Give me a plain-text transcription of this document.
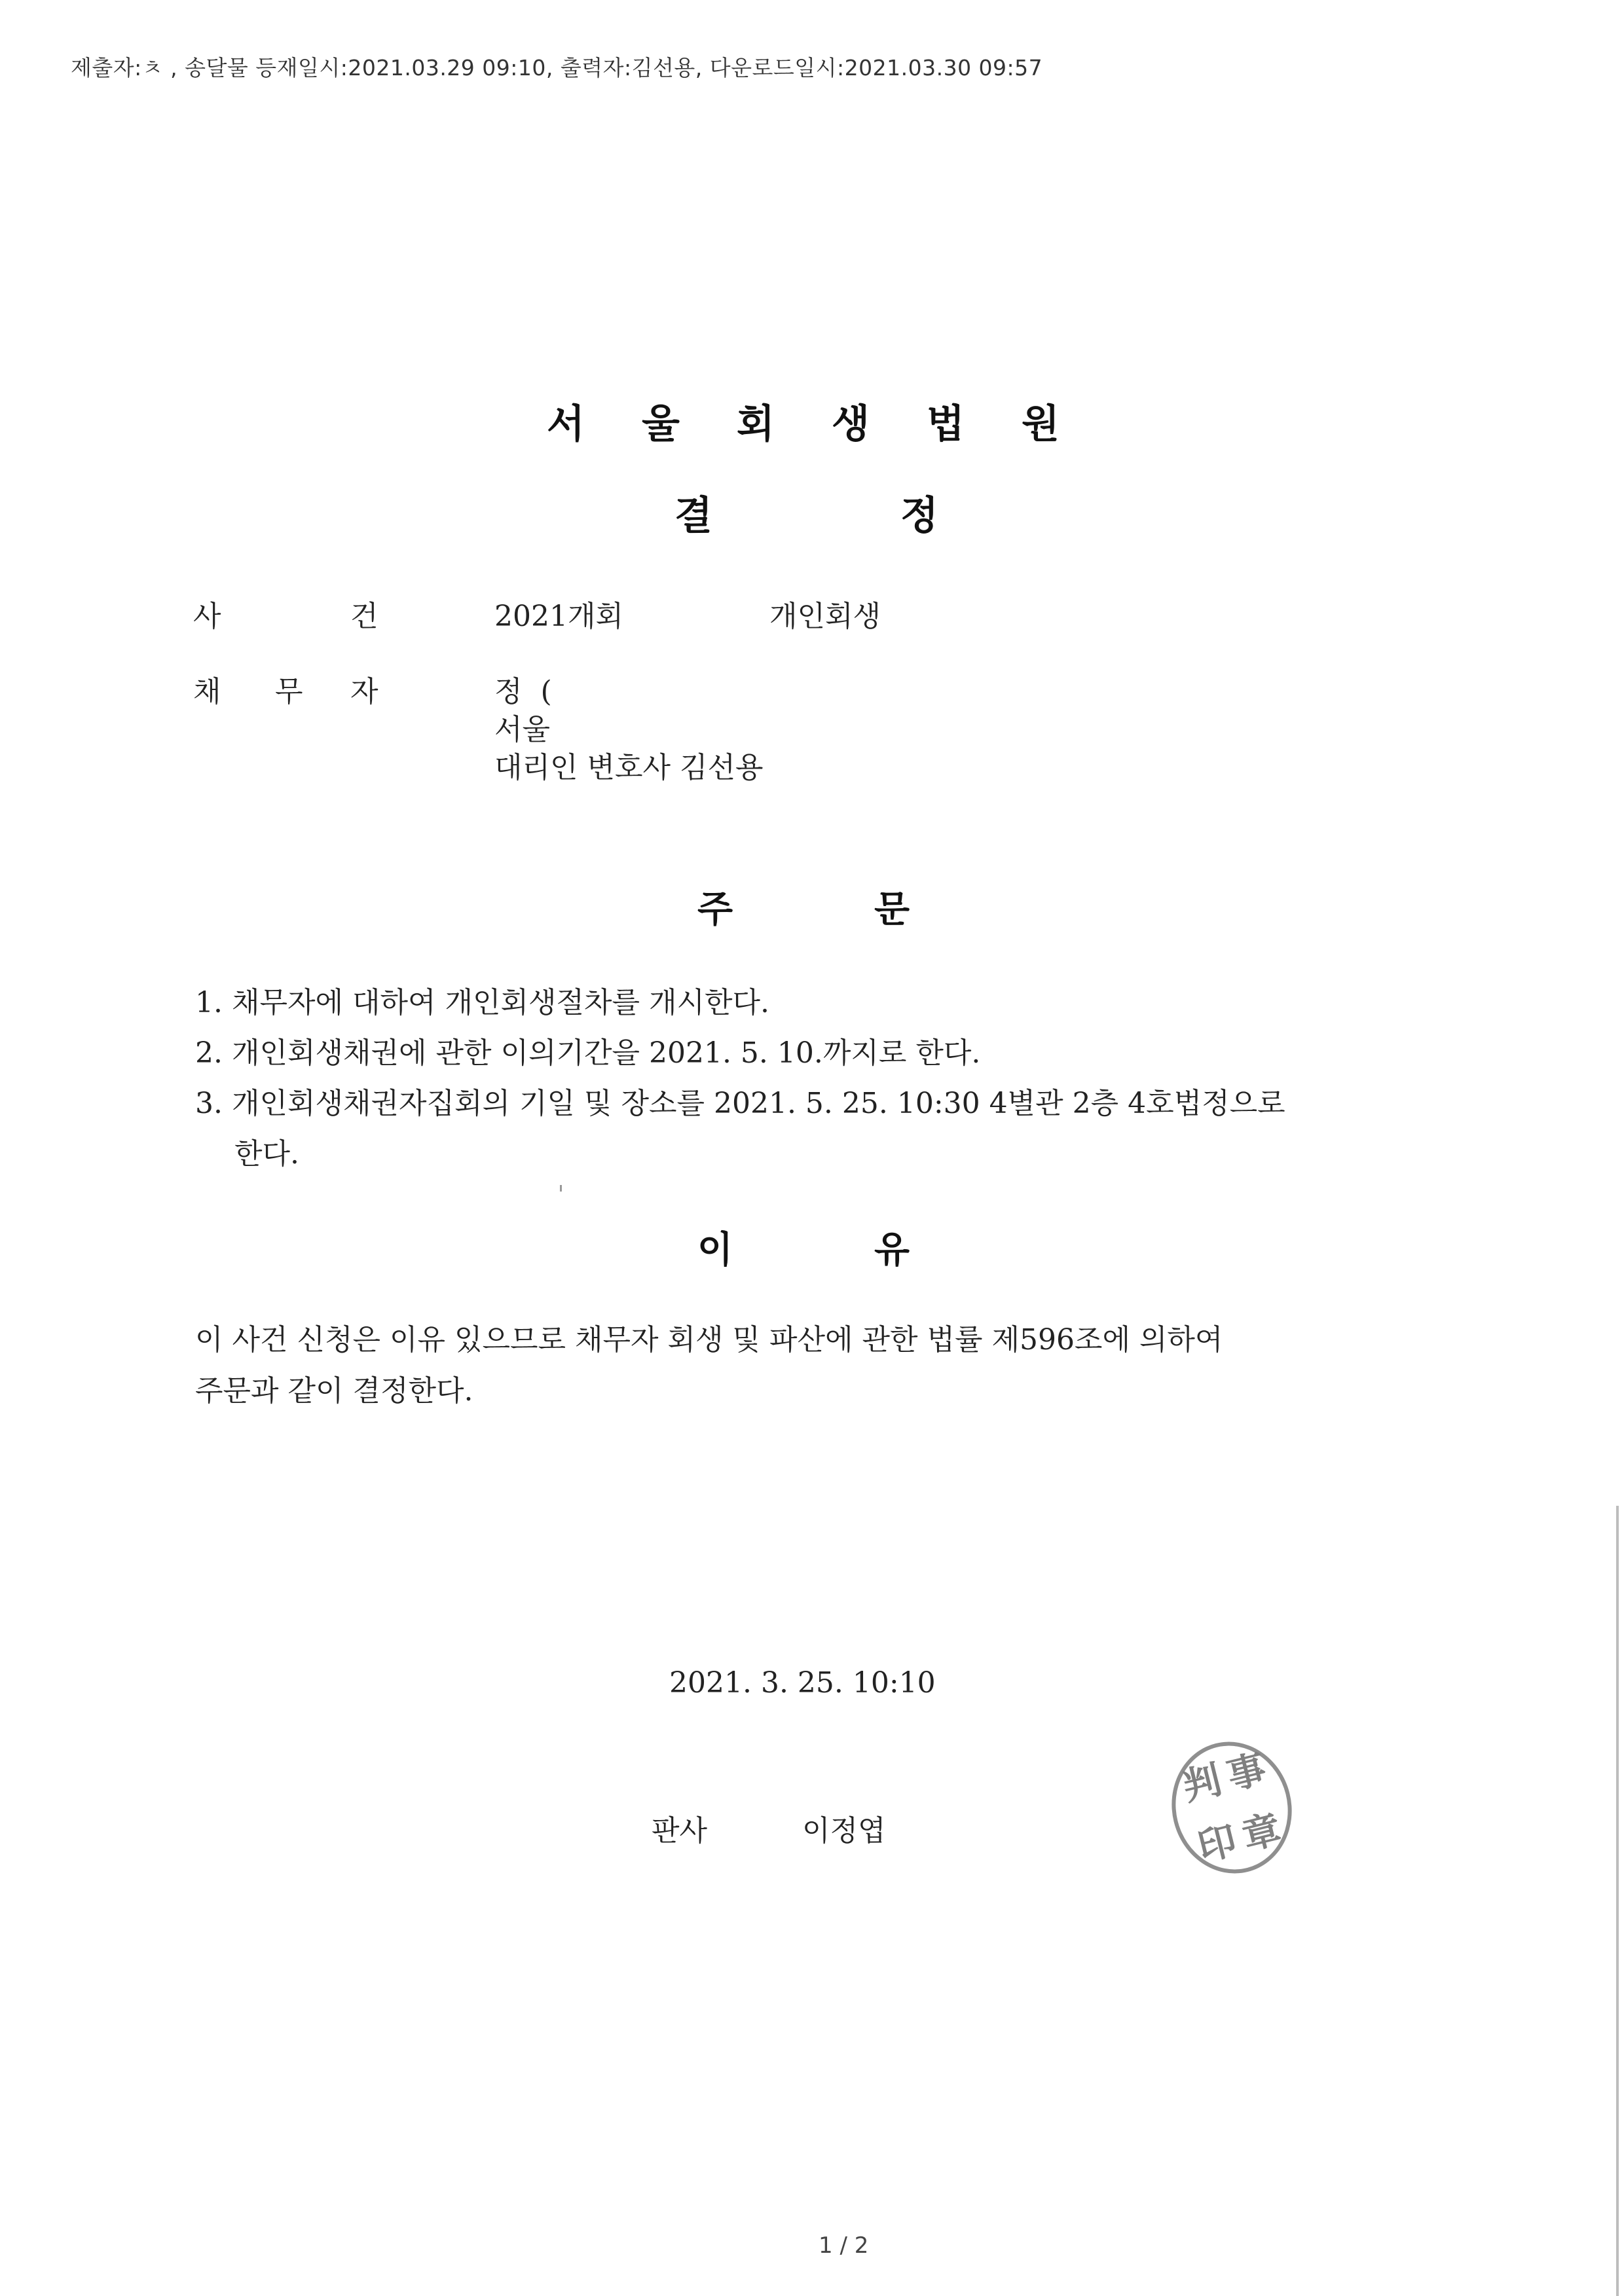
제출자:ㅊ , 송달물 등재일시:2021.03.29 09:10, 출력자:김선용, 다운로드일시:2021.03.30 09:57
서 울 회 생 법 원
결	정
사	건	2021개회	개인회생
채 무 자	정  (
서울
대리인 변호사 김선용
주	문
1. 채무자에 대하여 개인회생절차를 개시한다.
2. 개인회생채권에 관한 이의기간을 2021. 5. 10.까지로 한다.
3. 개인회생채권자집회의 기일 및 장소를 2021. 5. 25. 10:30 4별관 2층 4호법정으로
한다.
이	유
이 사건 신청은 이유 있으므로 채무자 회생 및 파산에 관한 법률 제596조에 의하여
주문과 같이 결정한다.
2021. 3. 25. 10:10
판사	이정엽
判
事
印
章
1 / 2
